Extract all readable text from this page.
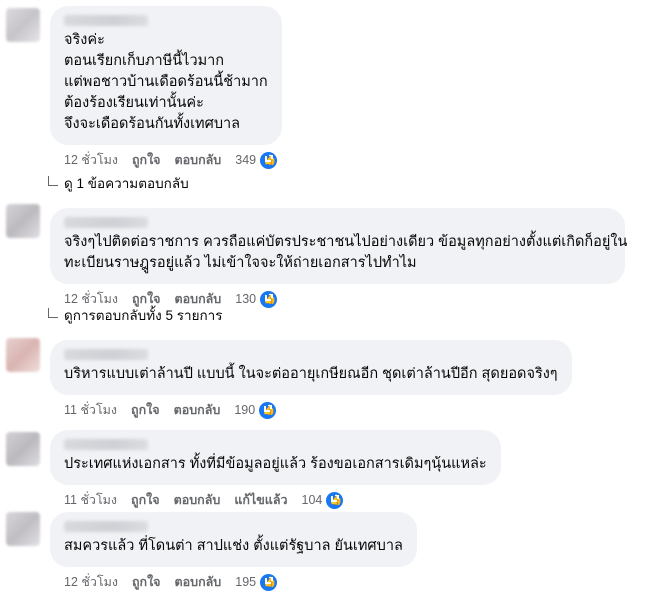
จริงค่ะ
ตอนเรียกเก็บภาษีนี้ไวมาก
แต่พอชาวบ้านเดือดร้อนนี้ช้ามาก
ต้องร้องเรียนเท่านั้นค่ะ
จึงจะเดือดร้อนกันทั้งเทศบาล
12 ชั่วโมง ถูกใจ ตอบกลับ 349 👍
ดู 1 ข้อความตอบกลับ
จริงๆไปติดต่อราชการ ควรถือแค่บัตรประชาชนไปอย่างเดียว ข้อมูลทุกอย่างตั้งแต่เกิดก็อยู่ใน
ทะเบียนราษฎูรอยู่แล้ว ไม่เข้าใจจะให้ถ่ายเอกสารไปทำไม
12 ชั่วโมง ถูกใจ ตอบกลับ 130 👍
ดูการตอบกลับทั้ง 5 รายการ
บริหารแบบเต่าล้านปี แบบนี้ ในจะต่ออายุเกษียณอีก ชุดเต่าล้านปีอีก สุดยอดจริงๆ
11 ชั่วโมง ถูกใจ ตอบกลับ 190 👍
ประเทศแห่งเอกสาร ทั้งที่มีข้อมูลอยู่แล้ว ร้องขอเอกสารเดิมๆนุ้นแหล่ะ
11 ชั่วโมง ถูกใจ ตอบกลับ แก้ไขแล้ว 104 👍
สมควรแล้ว ที่โดนต่า สาปแช่ง ตั้งแต่รัฐบาล ยันเทศบาล
12 ชั่วโมง ถูกใจ ตอบกลับ 195 👍
